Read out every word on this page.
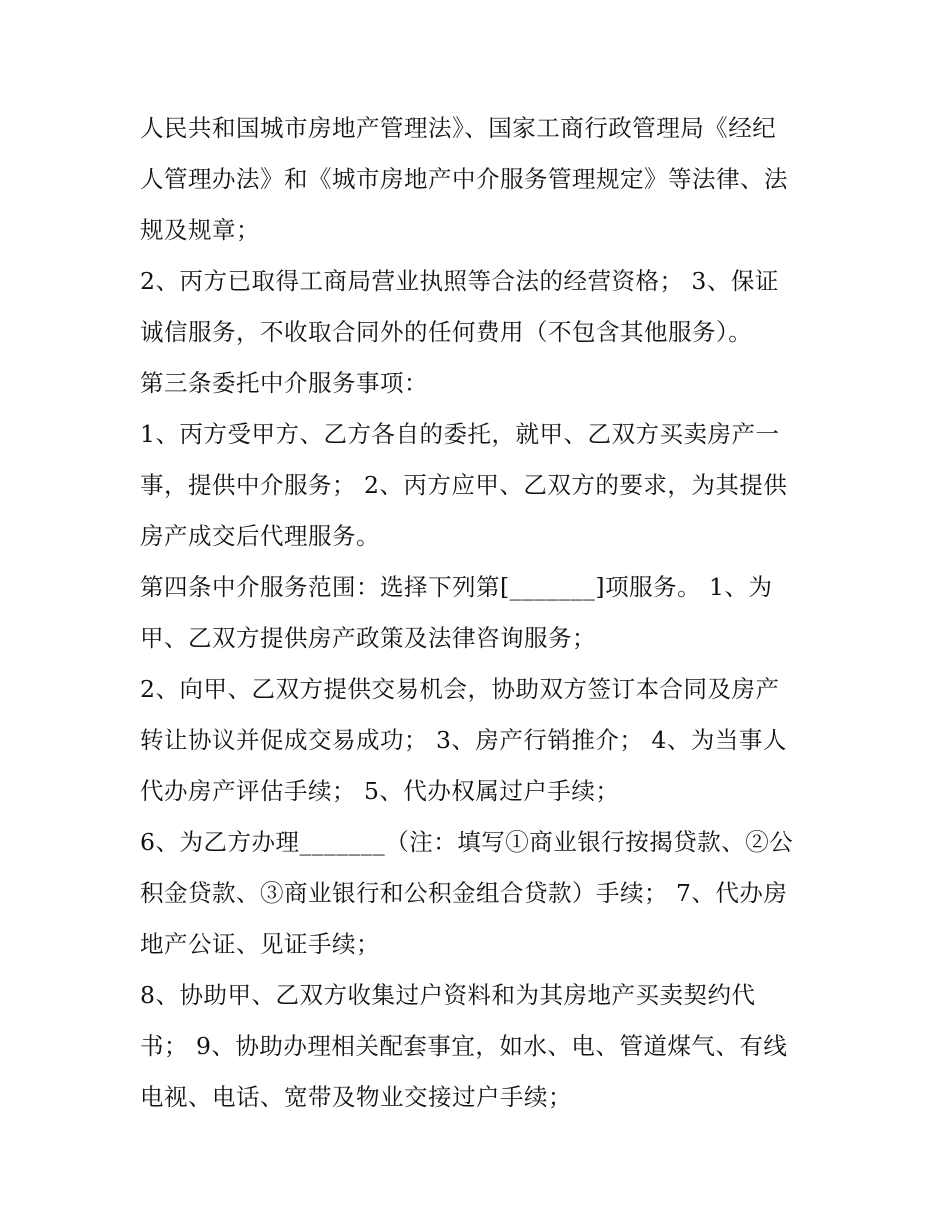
人民共和国城市房地产管理法》、国家工商行政管理局《经纪
人管理办法》和《城市房地产中介服务管理规定》等法律、法
规及规章；
2、丙方已取得工商局营业执照等合法的经营资格； 3、保证
诚信服务，不收取合同外的任何费用（不包含其他服务）。
第三条委托中介服务事项：
1、丙方受甲方、乙方各自的委托，就甲、乙双方买卖房产一
事，提供中介服务； 2、丙方应甲、乙双方的要求，为其提供
房产成交后代理服务。
第四条中介服务范围：选择下列第[_______]项服务。 1、为
甲、乙双方提供房产政策及法律咨询服务；
2、向甲、乙双方提供交易机会，协助双方签订本合同及房产
转让协议并促成交易成功； 3、房产行销推介； 4、为当事人
代办房产评估手续； 5、代办权属过户手续；
6、为乙方办理_______（注：填写①商业银行按揭贷款、②公
积金贷款、③商业银行和公积金组合贷款）手续； 7、代办房
地产公证、见证手续；
8、协助甲、乙双方收集过户资料和为其房地产买卖契约代
书； 9、协助办理相关配套事宜，如水、电、管道煤气、有线
电视、电话、宽带及物业交接过户手续；
